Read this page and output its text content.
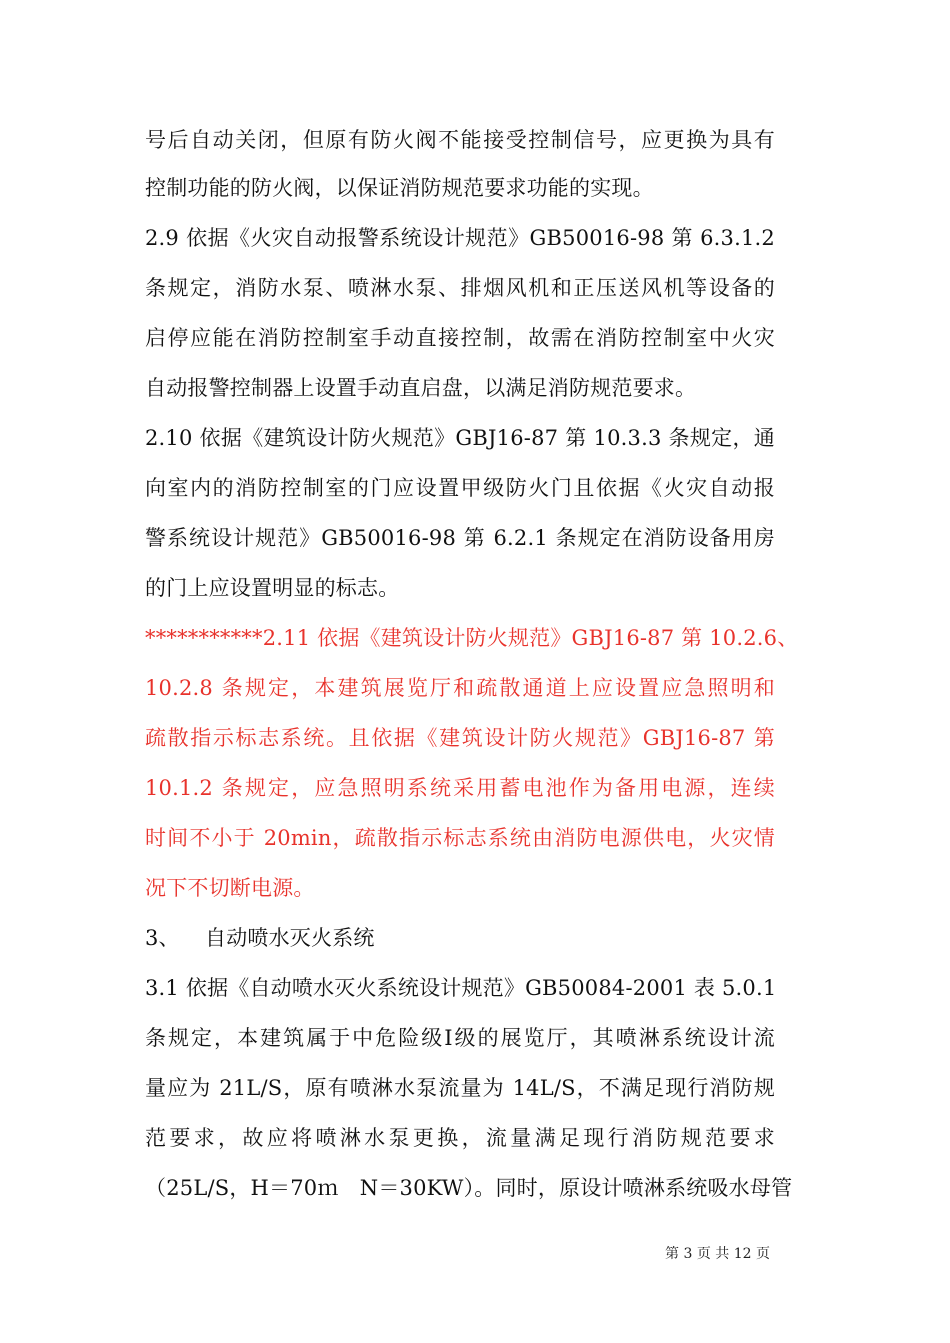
号后自动关闭，但原有防火阀不能接受控制信号，应更换为具有
控制功能的防火阀，以保证消防规范要求功能的实现。
2.9 依据《火灾自动报警系统设计规范》GB50016-98 第 6.3.1.2
条规定，消防水泵、喷淋水泵、排烟风机和正压送风机等设备的
启停应能在消防控制室手动直接控制，故需在消防控制室中火灾
自动报警控制器上设置手动直启盘，以满足消防规范要求。
2.10 依据《建筑设计防火规范》GBJ16-87 第 10.3.3 条规定，通
向室内的消防控制室的门应设置甲级防火门且依据《火灾自动报
警系统设计规范》GB50016-98 第 6.2.1 条规定在消防设备用房
的门上应设置明显的标志。
***********2.11 依据《建筑设计防火规范》GBJ16-87 第 10.2.6、
10.2.8 条规定，本建筑展览厅和疏散通道上应设置应急照明和
疏散指示标志系统。且依据《建筑设计防火规范》GBJ16-87 第
10.1.2 条规定，应急照明系统采用蓄电池作为备用电源，连续
时间不小于 20min，疏散指示标志系统由消防电源供电，火灾情
况下不切断电源。
3、 自动喷水灭火系统
3.1 依据《自动喷水灭火系统设计规范》GB50084-2001 表 5.0.1
条规定，本建筑属于中危险级Ⅰ级的展览厅，其喷淋系统设计流
量应为 21L/S，原有喷淋水泵流量为 14L/S，不满足现行消防规
范要求，故应将喷淋水泵更换，流量满足现行消防规范要求
（25L/S，H＝70ｍ　N＝30KW）。同时，原设计喷淋系统吸水母管
第 3 页 共 12 页
